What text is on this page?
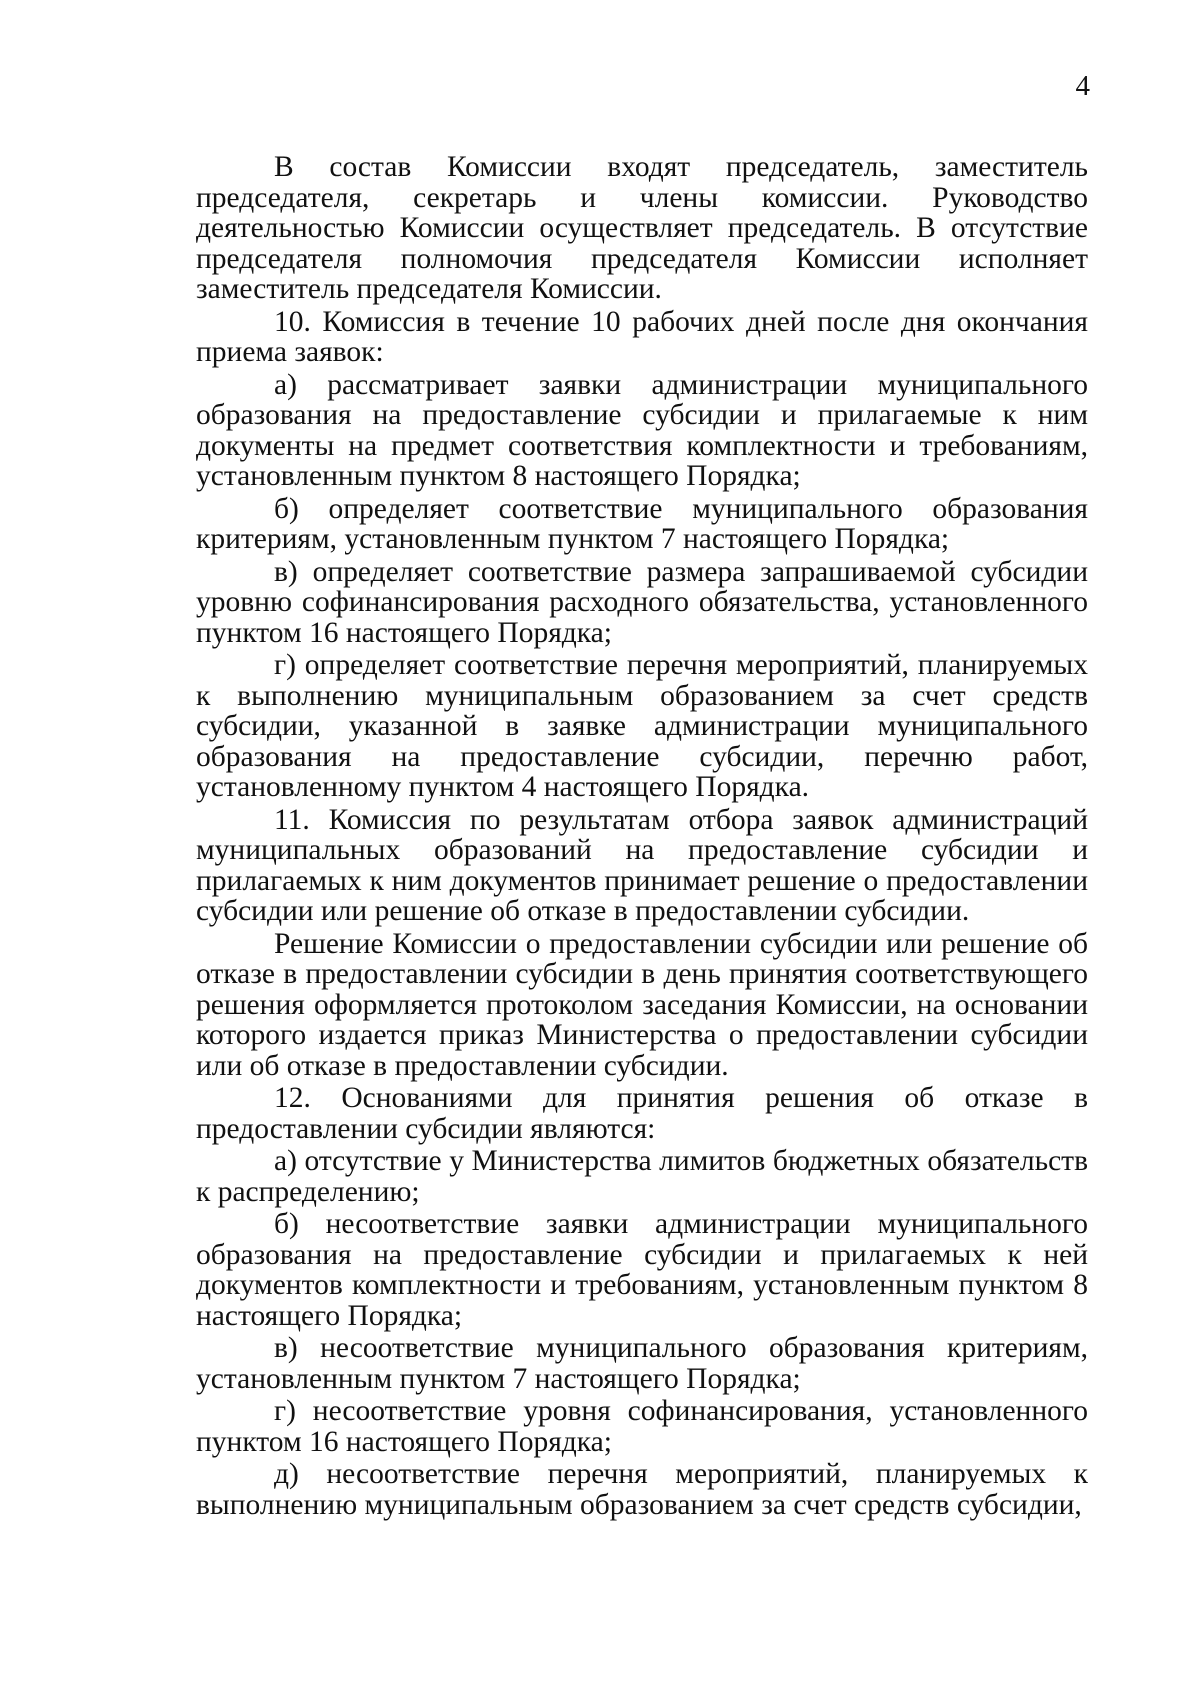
4

В состав Комиссии входят председатель, заместитель председателя, секретарь и члены комиссии. Руководство деятельностью Комиссии осуществляет председатель. В отсутствие председателя полномочия председателя Комиссии исполняет заместитель председателя Комиссии.

10. Комиссия в течение 10 рабочих дней после дня окончания приема заявок:

а) рассматривает заявки администрации муниципального образования на предоставление субсидии и прилагаемые к ним документы на предмет соответствия комплектности и требованиям, установленным пунктом 8 настоящего Порядка;

б) определяет соответствие муниципального образования критериям, установленным пунктом 7 настоящего Порядка;

в) определяет соответствие размера запрашиваемой субсидии уровню софинансирования расходного обязательства, установленного пунктом 16 настоящего Порядка;

г) определяет соответствие перечня мероприятий, планируемых к выполнению муниципальным образованием за счет средств субсидии, указанной в заявке администрации муниципального образования на предоставление субсидии, перечню работ, установленному пунктом 4 настоящего Порядка.

11. Комиссия по результатам отбора заявок администраций муниципальных образований на предоставление субсидии и прилагаемых к ним документов принимает решение о предоставлении субсидии или решение об отказе в предоставлении субсидии.

Решение Комиссии о предоставлении субсидии или решение об отказе в предоставлении субсидии в день принятия соответствующего решения оформляется протоколом заседания Комиссии, на основании которого издается приказ Министерства о предоставлении субсидии или об отказе в предоставлении субсидии.

12. Основаниями для принятия решения об отказе в предоставлении субсидии являются:

а) отсутствие у Министерства лимитов бюджетных обязательств к распределению;

б) несоответствие заявки администрации муниципального образования на предоставление субсидии и прилагаемых к ней документов комплектности и требованиям, установленным пунктом 8 настоящего Порядка;

в) несоответствие муниципального образования критериям, установленным пунктом 7 настоящего Порядка;

г) несоответствие уровня софинансирования, установленного пунктом 16 настоящего Порядка;

д) несоответствие перечня мероприятий, планируемых к выполнению муниципальным образованием за счет средств субсидии,
